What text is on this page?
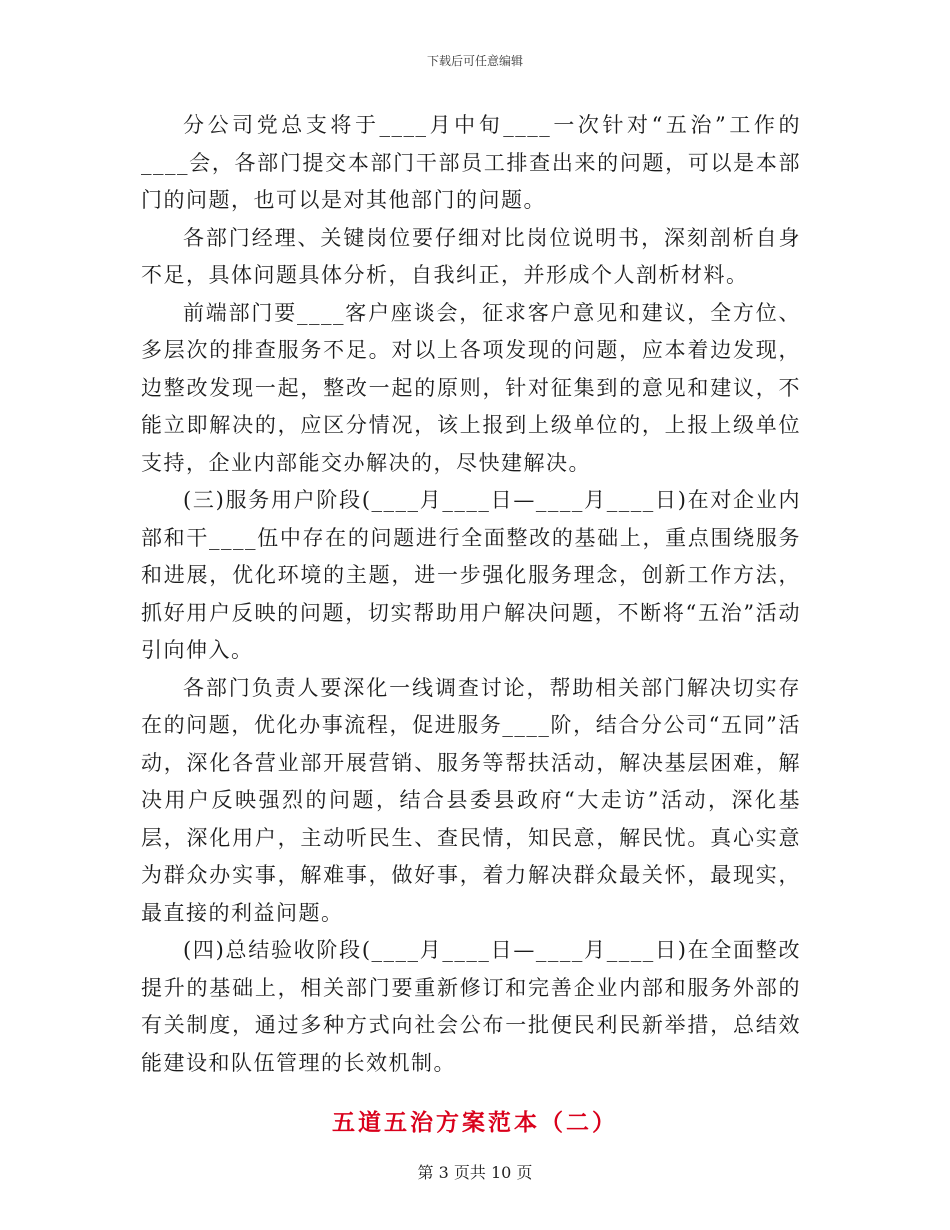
下载后可任意编辑

分公司党总支将于____月中旬____一次针对“五治”工作的____会，各部门提交本部门干部员工排查出来的问题，可以是本部门的问题，也可以是对其他部门的问题。

各部门经理、关键岗位要仔细对比岗位说明书，深刻剖析自身不足，具体问题具体分析，自我纠正，并形成个人剖析材料。

前端部门要____客户座谈会，征求客户意见和建议，全方位、多层次的排查服务不足。对以上各项发现的问题，应本着边发现，边整改发现一起，整改一起的原则，针对征集到的意见和建议，不能立即解决的，应区分情况，该上报到上级单位的，上报上级单位支持，企业内部能交办解决的，尽快建解决。

(三)服务用户阶段(____月____日—____月____日)在对企业内部和干____伍中存在的问题进行全面整改的基础上，重点围绕服务和进展，优化环境的主题，进一步强化服务理念，创新工作方法，抓好用户反映的问题，切实帮助用户解决问题，不断将“五治”活动引向伸入。

各部门负责人要深化一线调查讨论，帮助相关部门解决切实存在的问题，优化办事流程，促进服务____阶，结合分公司“五同”活动，深化各营业部开展营销、服务等帮扶活动，解决基层困难，解决用户反映强烈的问题，结合县委县政府“大走访”活动，深化基层，深化用户，主动听民生、查民情，知民意，解民忧。真心实意为群众办实事，解难事，做好事，着力解决群众最关怀，最现实，最直接的利益问题。

(四)总结验收阶段(____月____日—____月____日)在全面整改提升的基础上，相关部门要重新修订和完善企业内部和服务外部的有关制度，通过多种方式向社会公布一批便民利民新举措，总结效能建设和队伍管理的长效机制。

五道五治方案范本（二）
第 3 页共 10 页
